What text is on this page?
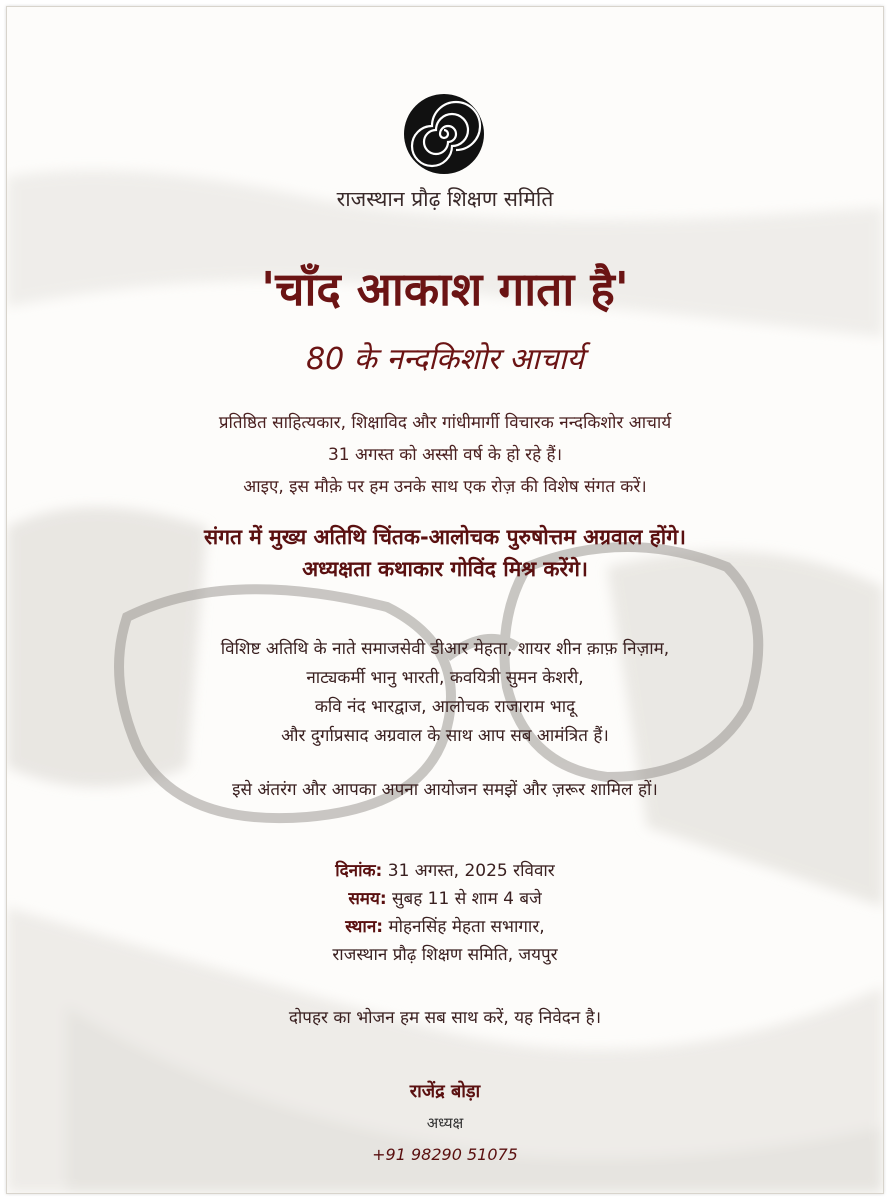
राजस्थान प्रौढ़ शिक्षण समिति
'चाँद आकाश गाता है'
80 के नन्दकिशोर आचार्य
प्रतिष्ठित साहित्यकार, शिक्षाविद और गांधीमार्गी विचारक नन्दकिशोर आचार्य
31 अगस्त को अस्सी वर्ष के हो रहे हैं।
आइए, इस मौक़े पर हम उनके साथ एक रोज़ की विशेष संगत करें।
संगत में मुख्य अतिथि चिंतक-आलोचक पुरुषोत्तम अग्रवाल होंगे।
अध्यक्षता कथाकार गोविंद मिश्र करेंगे।
विशिष्ट अतिथि के नाते समाजसेवी डीआर मेहता, शायर शीन क़ाफ़ निज़ाम,
नाट्यकर्मी भानु भारती, कवयित्री सुमन केशरी,
कवि नंद भारद्वाज, आलोचक राजाराम भादू
और दुर्गाप्रसाद अग्रवाल के साथ आप सब आमंत्रित हैं।
इसे अंतरंग और आपका अपना आयोजन समझें और ज़रूर शामिल हों।
दिनांक: 31 अगस्त, 2025 रविवार
समय: सुबह 11 से शाम 4 बजे
स्थान: मोहनसिंह मेहता सभागार,
राजस्थान प्रौढ़ शिक्षण समिति, जयपुर
दोपहर का भोजन हम सब साथ करें, यह निवेदन है।
राजेंद्र बोड़ा
अध्यक्ष
+91 98290 51075
